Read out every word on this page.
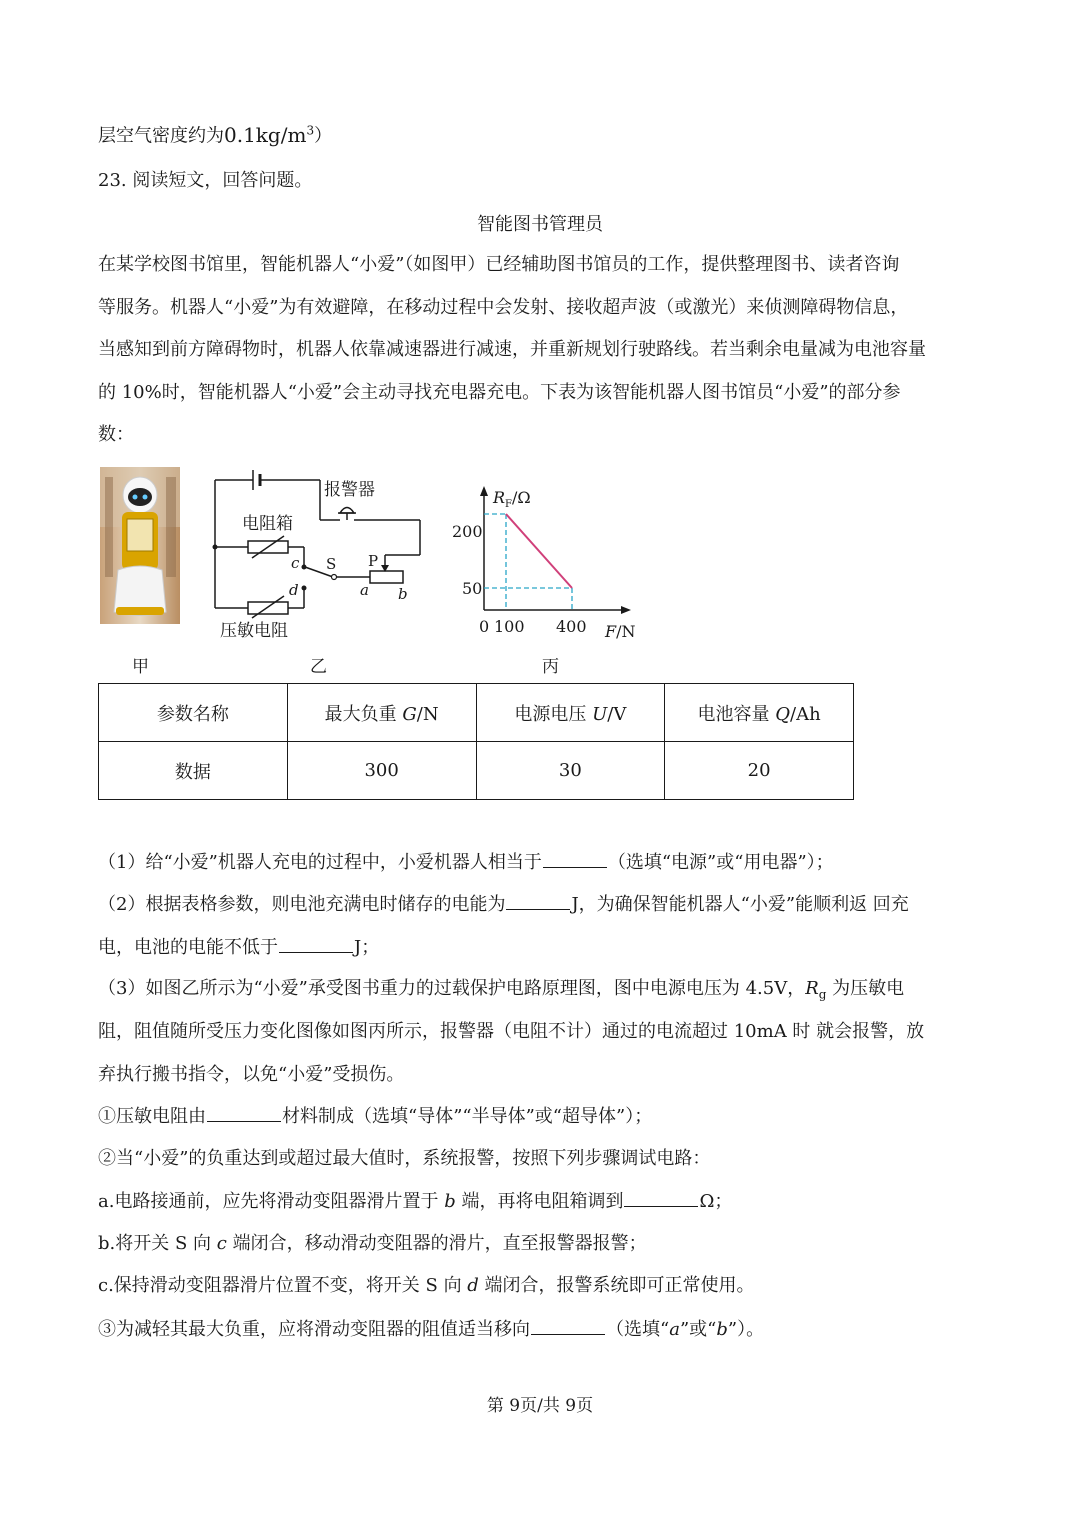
层空气密度约为$0.1kg/m^3$）
23. 阅读短文，回答问题。
智能图书管理员
在某学校图书馆里，智能机器人“小爱”（如图甲）已经辅助图书馆员的工作，提供整理图书、读者咨询
等服务。机器人“小爱”为有效避障，在移动过程中会发射、接收超声波（或激光）来侦测障碍物信息，
当感知到前方障碍物时，机器人依靠减速器进行减速，并重新规划行驶路线。若当剩余电量减为电池容量
的 10%时，智能机器人“小爱”会主动寻找充电器充电。下表为该智能机器人图书馆员“小爱”的部分参
数：
甲
报警器
电阻箱
压敏电阻
c
d
S P
a b
乙
$R_F/\Omega$
200
50
0 100 400 F/N
丙
参数名称	最大负重 G/N	电源电压 U/V	电池容量 Q/Ah
数据	300	30	20
（1）给“小爱”机器人充电的过程中，小爱机器人相当于	（选填“电源”或“用电器”）；
（2）根据表格参数，则电池充满电时储存的电能为	J，为确保智能机器人“小爱”能顺利返 回充
电，电池的电能不低于	J；
（3）如图乙所示为“小爱”承受图书重力的过载保护电路原理图，图中电源电压为 4.5V，$R_g$ 为压敏电
阻，阻值随所受压力变化图像如图丙所示，报警器（电阻不计）通过的电流超过 10mA 时 就会报警，放
弃执行搬书指令，以免“小爱”受损伤。
①压敏电阻由	材料制成（选填“导体”“半导体”或“超导体”）；
②当“小爱”的负重达到或超过最大值时，系统报警，按照下列步骤调试电路：
a.电路接通前，应先将滑动变阻器滑片置于 b 端，再将电阻箱调到	Ω；
b.将开关 S 向 c 端闭合，移动滑动变阻器的滑片，直至报警器报警；
c.保持滑动变阻器滑片位置不变，将开关 S 向 d 端闭合，报警系统即可正常使用。
③为减轻其最大负重，应将滑动变阻器的阻值适当移向	（选填“a”或“b”）。
第 9页/共 9页
